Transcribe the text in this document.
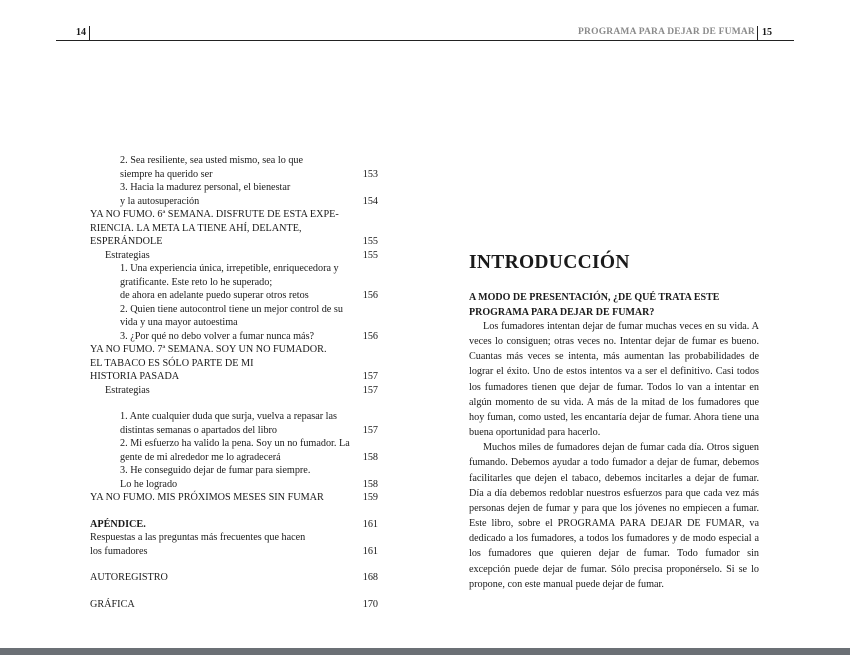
14	PROGRAMA PARA DEJAR DE FUMAR 15
2. Sea resiliente, sea usted mismo, sea lo que
siempre ha querido ser	153
3. Hacia la madurez personal, el bienestar
y la autosuperación	154
YA NO FUMO. 6ª SEMANA. DISFRUTE DE ESTA EXPE-
RIENCIA. LA META LA TIENE AHÍ, DELANTE,
ESPERÁNDOLE	155
Estrategias	155
1. Una experiencia única, irrepetible, enriquecedora y
gratificante. Este reto lo he superado;
de ahora en adelante puedo superar otros retos	156
2. Quien tiene autocontrol tiene un mejor control de su
vida y una mayor autoestima
3. ¿Por qué no debo volver a fumar nunca más?	156
YA NO FUMO. 7ª SEMANA. SOY UN NO FUMADOR.
EL TABACO ES SÓLO PARTE DE MI
HISTORIA PASADA	157
Estrategias	157
1. Ante cualquier duda que surja, vuelva a repasar las
distintas semanas o apartados del libro	157
2. Mi esfuerzo ha valido la pena. Soy un no fumador. La
gente de mi alrededor me lo agradecerá	158
3. He conseguido dejar de fumar para siempre.
Lo he logrado	158
YA NO FUMO. MIS PRÓXIMOS MESES SIN FUMAR	159
APÉNDICE.	161
Respuestas a las preguntas más frecuentes que hacen
los fumadores	161
AUTOREGISTRO	168
GRÁFICA	170
INTRODUCCIÓN
A MODO DE PRESENTACIÓN, ¿DE QUÉ TRATA ESTE PROGRAMA PARA DEJAR DE FUMAR?

Los fumadores intentan dejar de fumar muchas veces en su vida. A veces lo consiguen; otras veces no. Intentar dejar de fumar es bueno. Cuantas más veces se intenta, más aumentan las probabilidades de lograr el éxito. Uno de estos intentos va a ser el definitivo. Casi todos los fumadores tienen que dejar de fumar. Todos lo van a intentar en algún momento de su vida. A más de la mitad de los fumadores que hoy fuman, como usted, les encantaría dejar de fumar. Ahora tiene una buena oportunidad para hacerlo.

Muchos miles de fumadores dejan de fumar cada día. Otros siguen fumando. Debemos ayudar a todo fumador a dejar de fumar, debemos facilitarles que dejen el tabaco, debemos incitarles a dejar de fumar. Día a día debemos redoblar nuestros esfuerzos para que cada vez más personas dejen de fumar y para que los jóvenes no empiecen a fumar. Este libro, sobre el PROGRAMA PARA DEJAR DE FUMAR, va dedicado a los fumadores, a todos los fumadores y de modo especial a los fumadores que quieren dejar de fumar. Todo fumador sin excepción puede dejar de fumar. Sólo precisa proponérselo. Si se lo propone, con este manual puede dejar de fumar.
